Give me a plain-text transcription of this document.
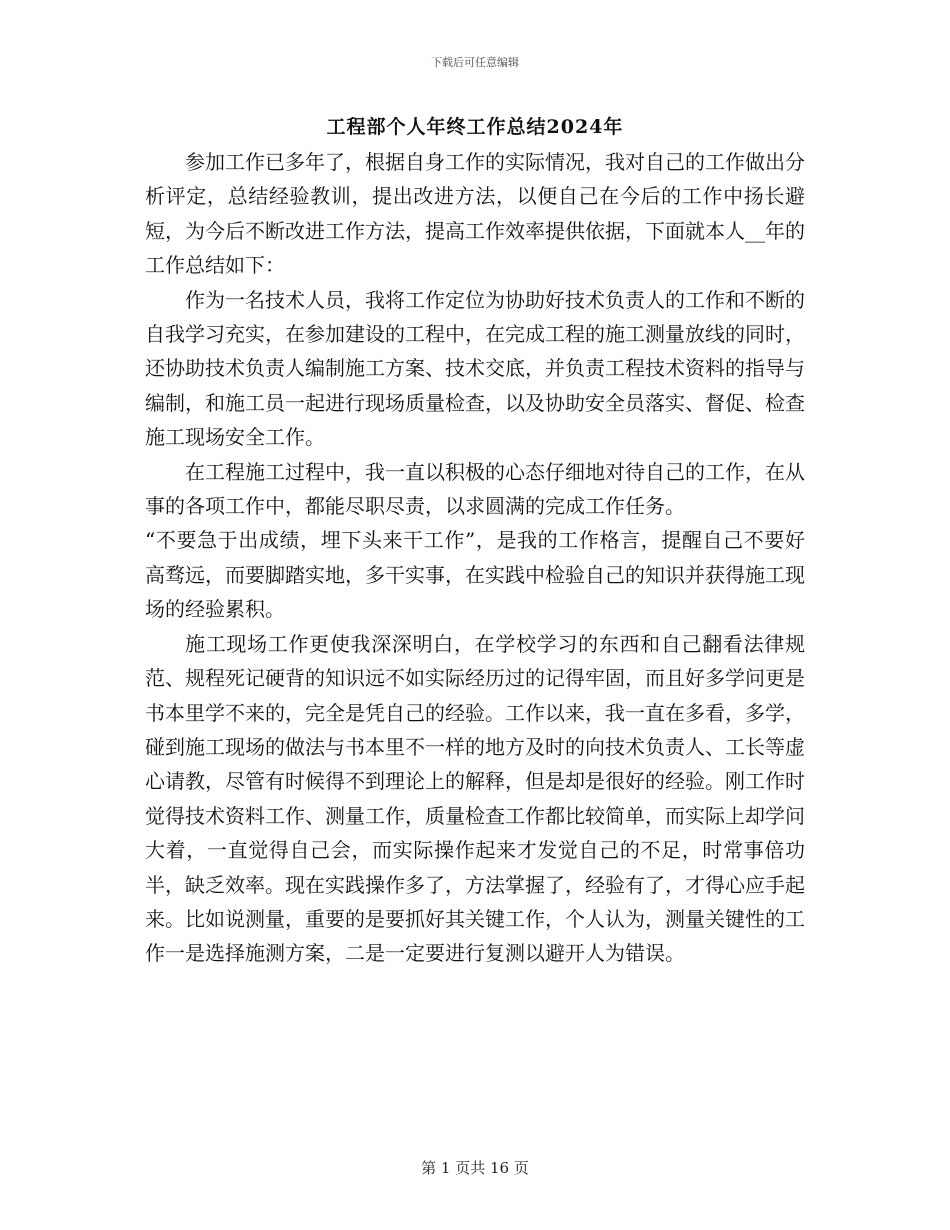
下载后可任意编辑
工程部个人年终工作总结2024年

参加工作已多年了，根据自身工作的实际情况，我对自己的工作做出分析评定，总结经验教训，提出改进方法，以便自己在今后的工作中扬长避短，为今后不断改进工作方法，提高工作效率提供依据，下面就本人__年的工作总结如下：

作为一名技术人员，我将工作定位为协助好技术负责人的工作和不断的自我学习充实，在参加建设的工程中，在完成工程的施工测量放线的同时，还协助技术负责人编制施工方案、技术交底，并负责工程技术资料的指导与编制，和施工员一起进行现场质量检查，以及协助安全员落实、督促、检查施工现场安全工作。

在工程施工过程中，我一直以积极的心态仔细地对待自己的工作，在从事的各项工作中，都能尽职尽责，以求圆满的完成工作任务。

“不要急于出成绩，埋下头来干工作”，是我的工作格言，提醒自己不要好高骛远，而要脚踏实地，多干实事，在实践中检验自己的知识并获得施工现场的经验累积。

施工现场工作更使我深深明白，在学校学习的东西和自己翻看法律规范、规程死记硬背的知识远不如实际经历过的记得牢固，而且好多学问更是书本里学不来的，完全是凭自己的经验。工作以来，我一直在多看，多学，碰到施工现场的做法与书本里不一样的地方及时的向技术负责人、工长等虚心请教，尽管有时候得不到理论上的解释，但是却是很好的经验。刚工作时觉得技术资料工作、测量工作，质量检查工作都比较简单，而实际上却学问大着，一直觉得自己会，而实际操作起来才发觉自己的不足，时常事倍功半，缺乏效率。现在实践操作多了，方法掌握了，经验有了，才得心应手起来。比如说测量，重要的是要抓好其关键工作，个人认为，测量关键性的工作一是选择施测方案，二是一定要进行复测以避开人为错误。

第 1 页共 16 页
